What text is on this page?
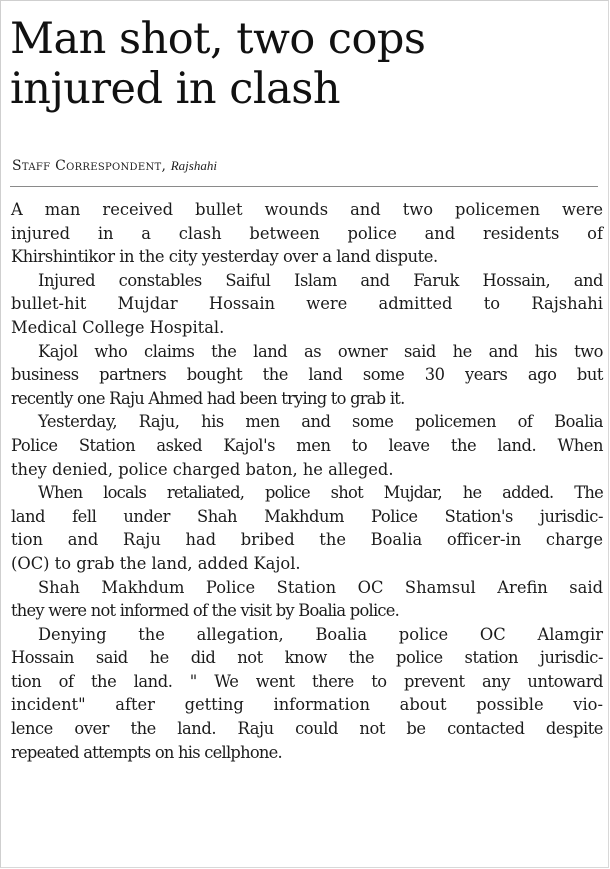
Man shot, two cops
injured in clash
Staff Correspondent, Rajshahi
A man received bullet wounds and two policemen were
injured in a clash between police and residents of
Khirshintikor in the city yesterday over a land dispute.
Injured constables Saiful Islam and Faruk Hossain, and
bullet-hit Mujdar Hossain were admitted to Rajshahi
Medical College Hospital.
Kajol who claims the land as owner said he and his two
business partners bought the land some 30 years ago but
recently one Raju Ahmed had been trying to grab it.
Yesterday, Raju, his men and some policemen of Boalia
Police Station asked Kajol's men to leave the land. When
they denied, police charged baton, he alleged.
When locals retaliated, police shot Mujdar, he added. The
land fell under Shah Makhdum Police Station's jurisdic-
tion and Raju had bribed the Boalia officer-in charge
(OC) to grab the land, added Kajol.
Shah Makhdum Police Station OC Shamsul Arefin said
they were not informed of the visit by Boalia police.
Denying the allegation, Boalia police OC Alamgir
Hossain said he did not know the police station jurisdic-
tion of the land. " We went there to prevent any untoward
incident" after getting information about possible vio-
lence over the land. Raju could not be contacted despite
repeated attempts on his cellphone.
